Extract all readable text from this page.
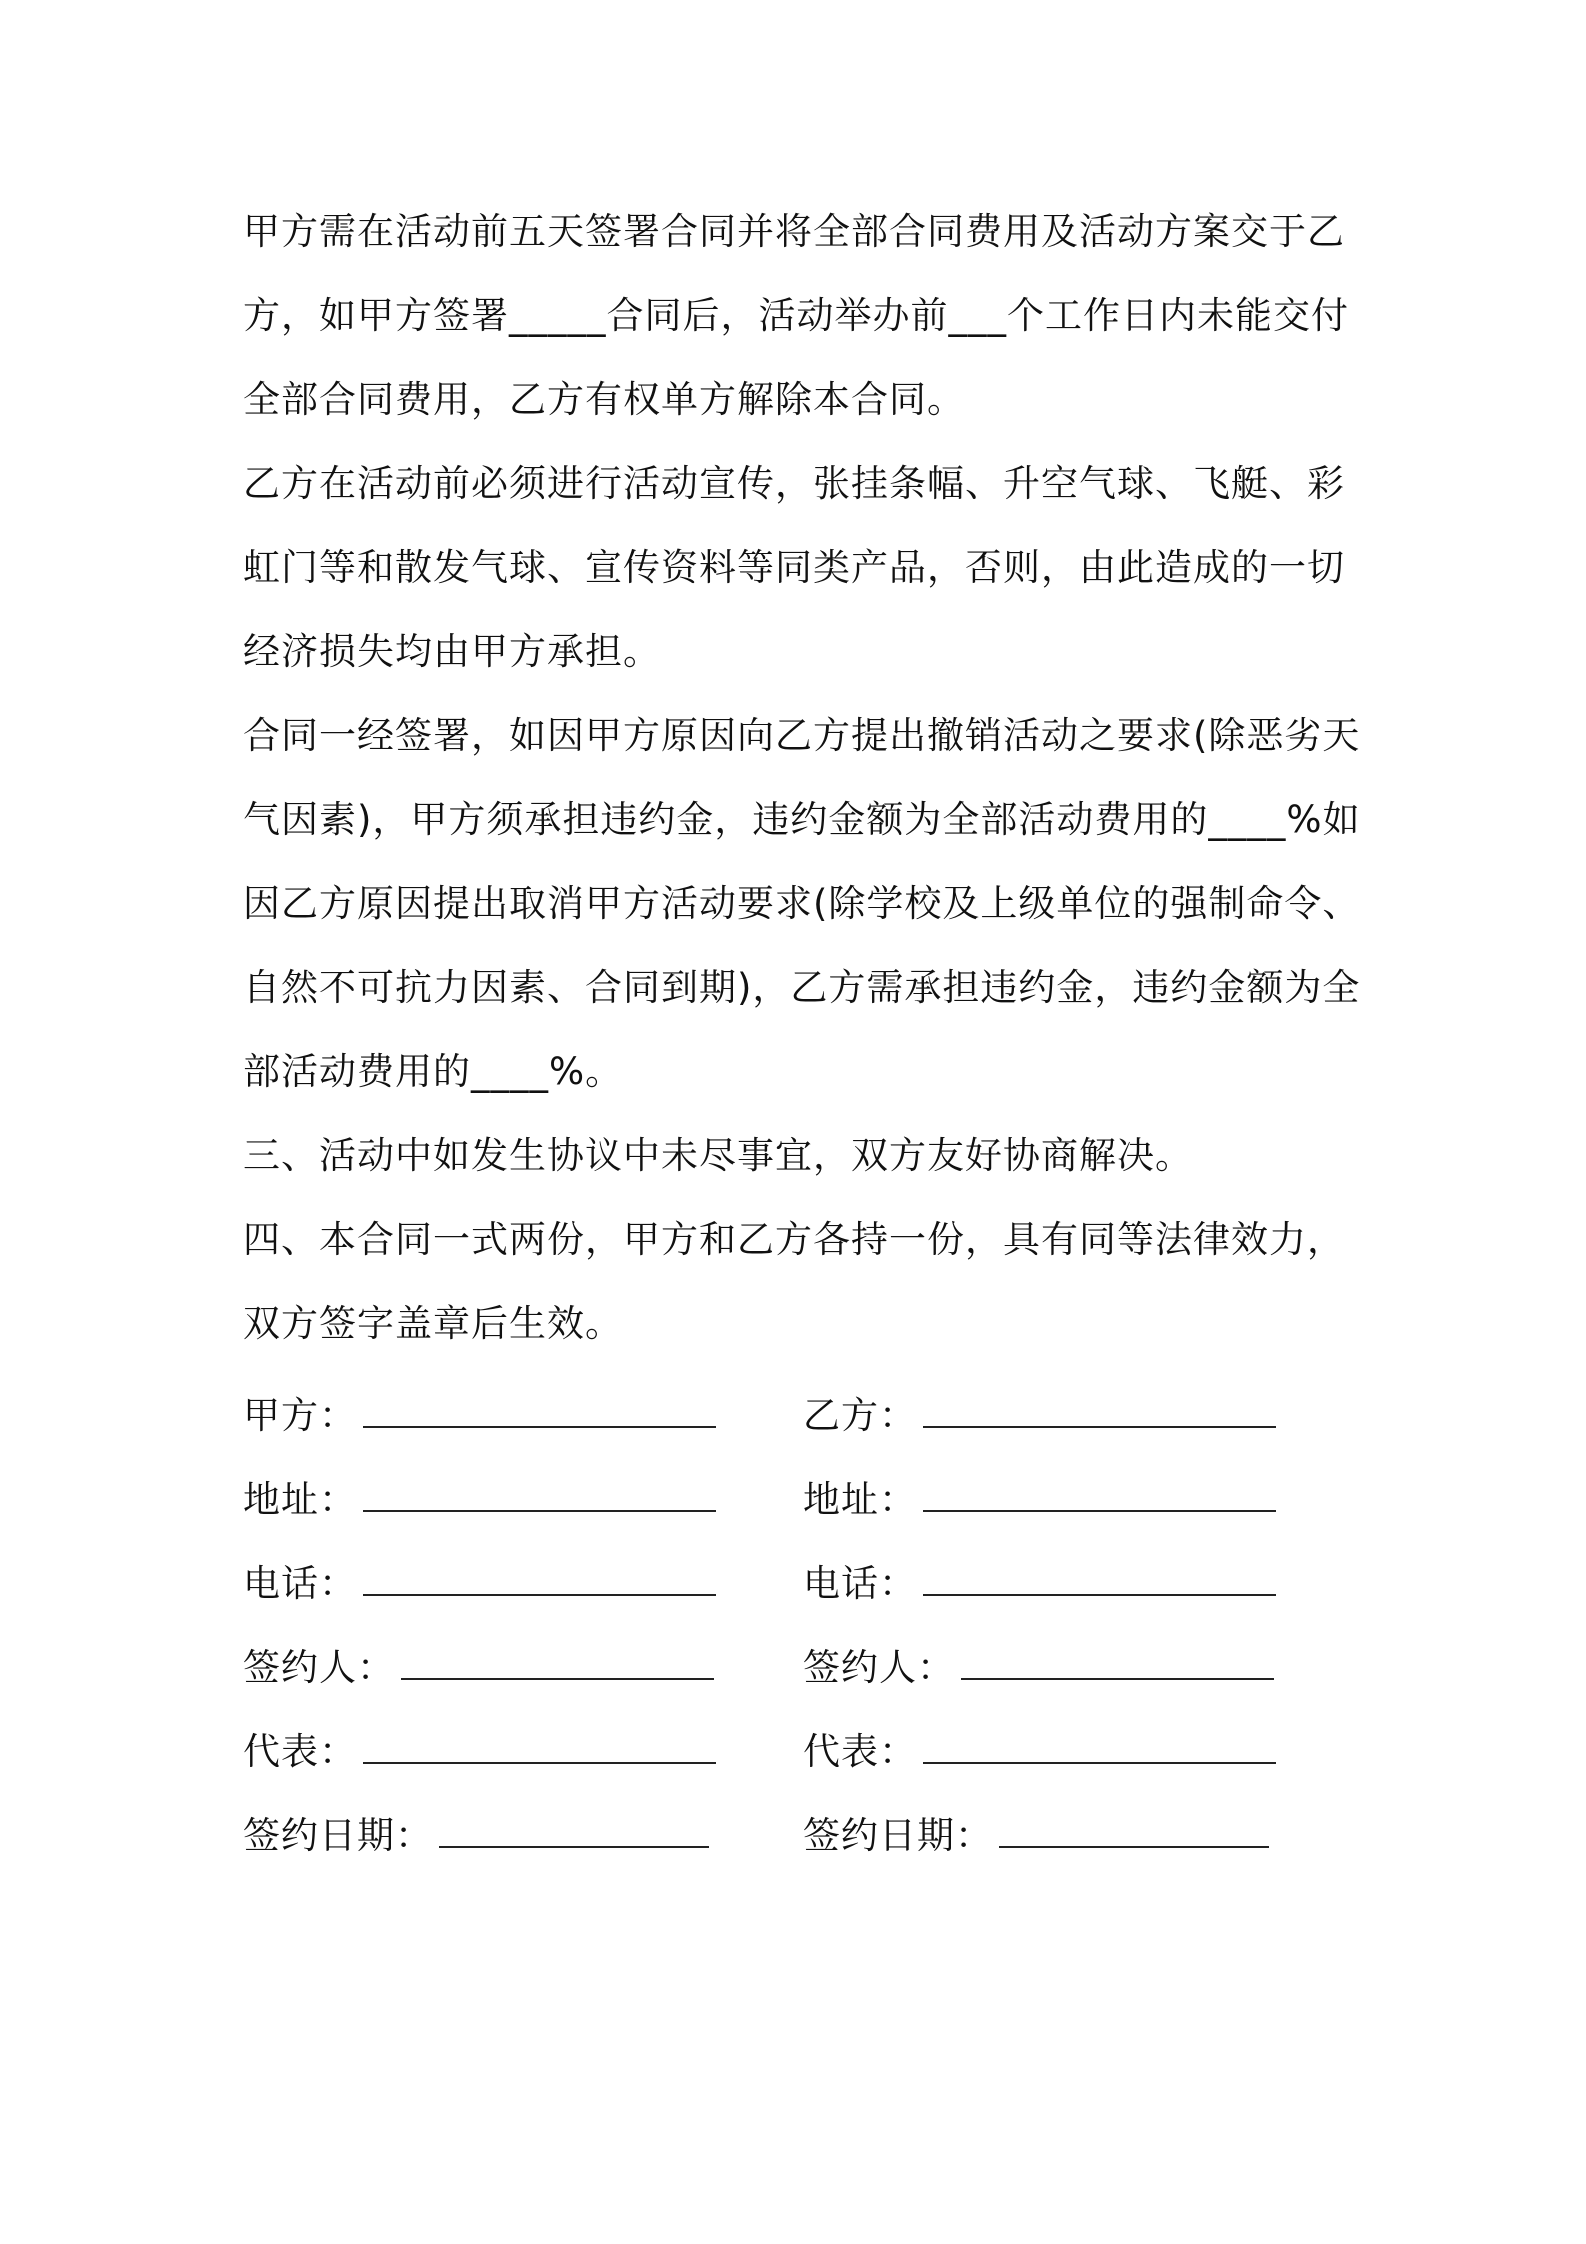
甲方需在活动前五天签署合同并将全部合同费用及活动方案交于乙方，如甲方签署_____合同后，活动举办前___个工作日内未能交付全部合同费用，乙方有权单方解除本合同。

乙方在活动前必须进行活动宣传，张挂条幅、升空气球、飞艇、彩虹门等和散发气球、宣传资料等同类产品，否则，由此造成的一切经济损失均由甲方承担。

合同一经签署，如因甲方原因向乙方提出撤销活动之要求(除恶劣天气因素)，甲方须承担违约金，违约金额为全部活动费用的____%如因乙方原因提出取消甲方活动要求(除学校及上级单位的强制命令、自然不可抗力因素、合同到期)，乙方需承担违约金，违约金额为全部活动费用的____%。

三、活动中如发生协议中未尽事宜，双方友好协商解决。

四、本合同一式两份，甲方和乙方各持一份，具有同等法律效力，双方签字盖章后生效。

甲方：	乙方：
地址：	地址：
电话：	电话：
签约人：	签约人：
代表：	代表：
签约日期：	签约日期：
